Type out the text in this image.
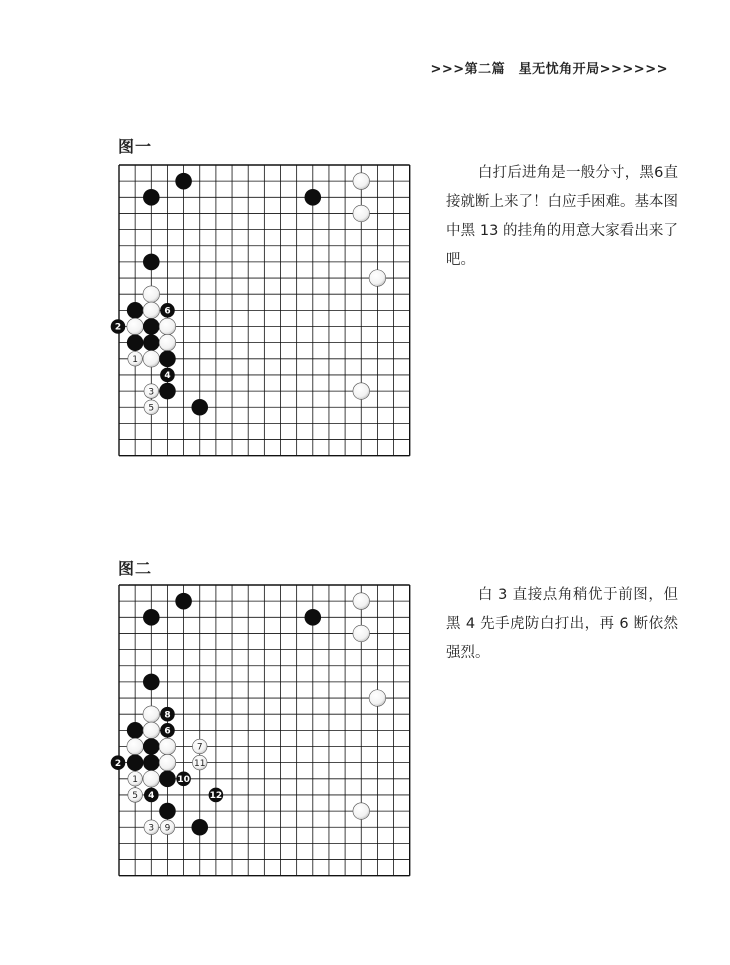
>>>第二篇　星无忧角开局>>>>>>
图一
6
1
4
3
5
2
白打后进角是一般分寸，黑6直接就断上来了！白应手困难。基本图中黑 13 的挂角的用意大家看出来了吧。
图二
8
6
7
11
1	10
5 4	12
3 9
2
白 3 直接点角稍优于前图，但黑 4 先手虎防白打出，再 6 断依然强烈。
